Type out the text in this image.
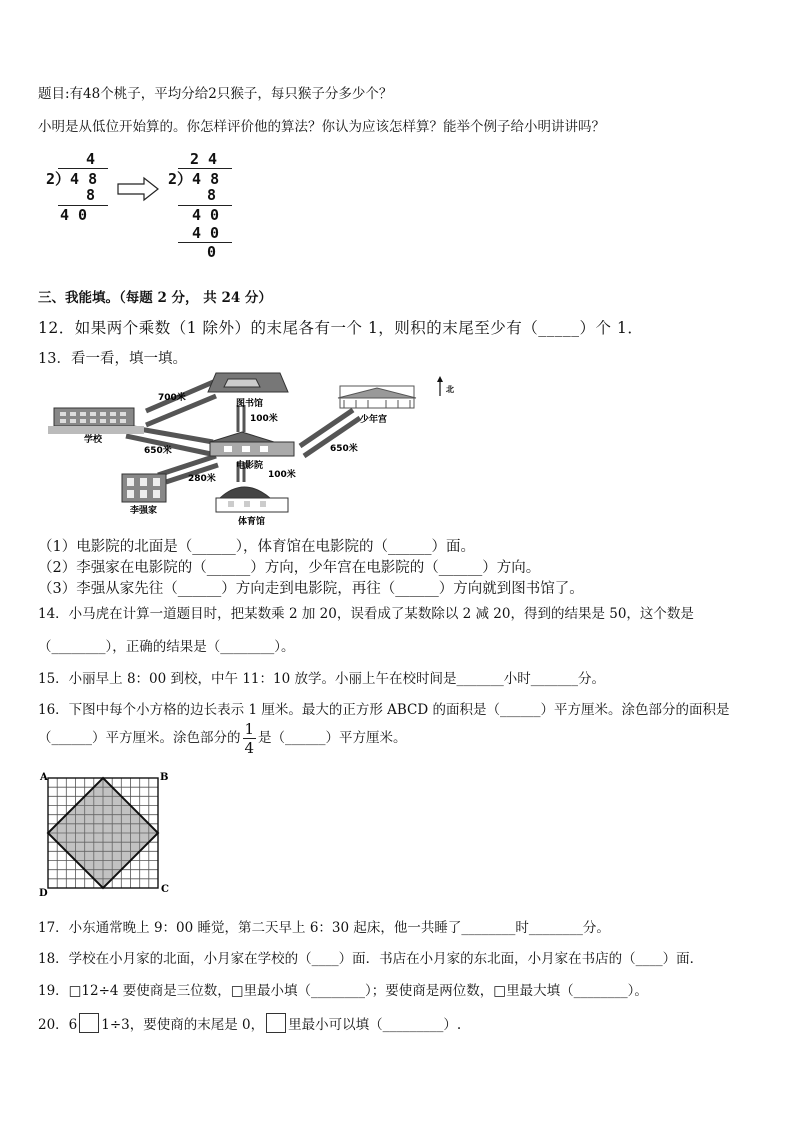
题目:有48个桃子，平均分给2只猴子，每只猴子分多少个？
小明是从低位开始算的。你怎样评价他的算法？你认为应该怎样算？能举个例子给小明讲讲吗？
4
2）4 8
8
4 0
2 4
2）4 8
8
4 0
4 0
0
三、我能填。（每题 2 分， 共 24 分）
12．如果两个乘数（1 除外）的末尾各有一个 1，则积的末尾至少有（_____）个 1．
13．看一看，填一填。
图书馆
学校
少年宫
电影院
李强家
体育馆
700米
100米
650米	650米
280米	100米
北
（1）电影院的北面是（______），体育馆在电影院的（______）面。
（2）李强家在电影院的（______）方向，少年宫在电影院的（______）方向。
（3）李强从家先往（______）方向走到电影院，再往（______）方向就到图书馆了。
14．小马虎在计算一道题目时，把某数乘 2 加 20，误看成了某数除以 2 减 20，得到的结果是 50，这个数是
（________），正确的结果是（________）。
15．小丽早上 8：00 到校，中午 11：10 放学。小丽上午在校时间是_______小时_______分。
16．下图中每个小方格的边长表示 1 厘米。最大的正方形 ABCD 的面积是（______）平方厘米。涂色部分的面积是
（______）平方厘米。涂色部分的 $\frac{1}{4}$ 是（______）平方厘米。
A	B
C
D
17．小东通常晚上 9：00 睡觉，第二天早上 6：30 起床，他一共睡了________时________分。
18．学校在小月家的北面，小月家在学校的（____）面．书店在小月家的东北面，小月家在书店的（____）面．
19．□12÷4 要使商是三位数，□里最小填（________）；要使商是两位数，□里最大填（________）。
20．6 1÷3，要使商的末尾是 0， 里最小可以填（_________）.
